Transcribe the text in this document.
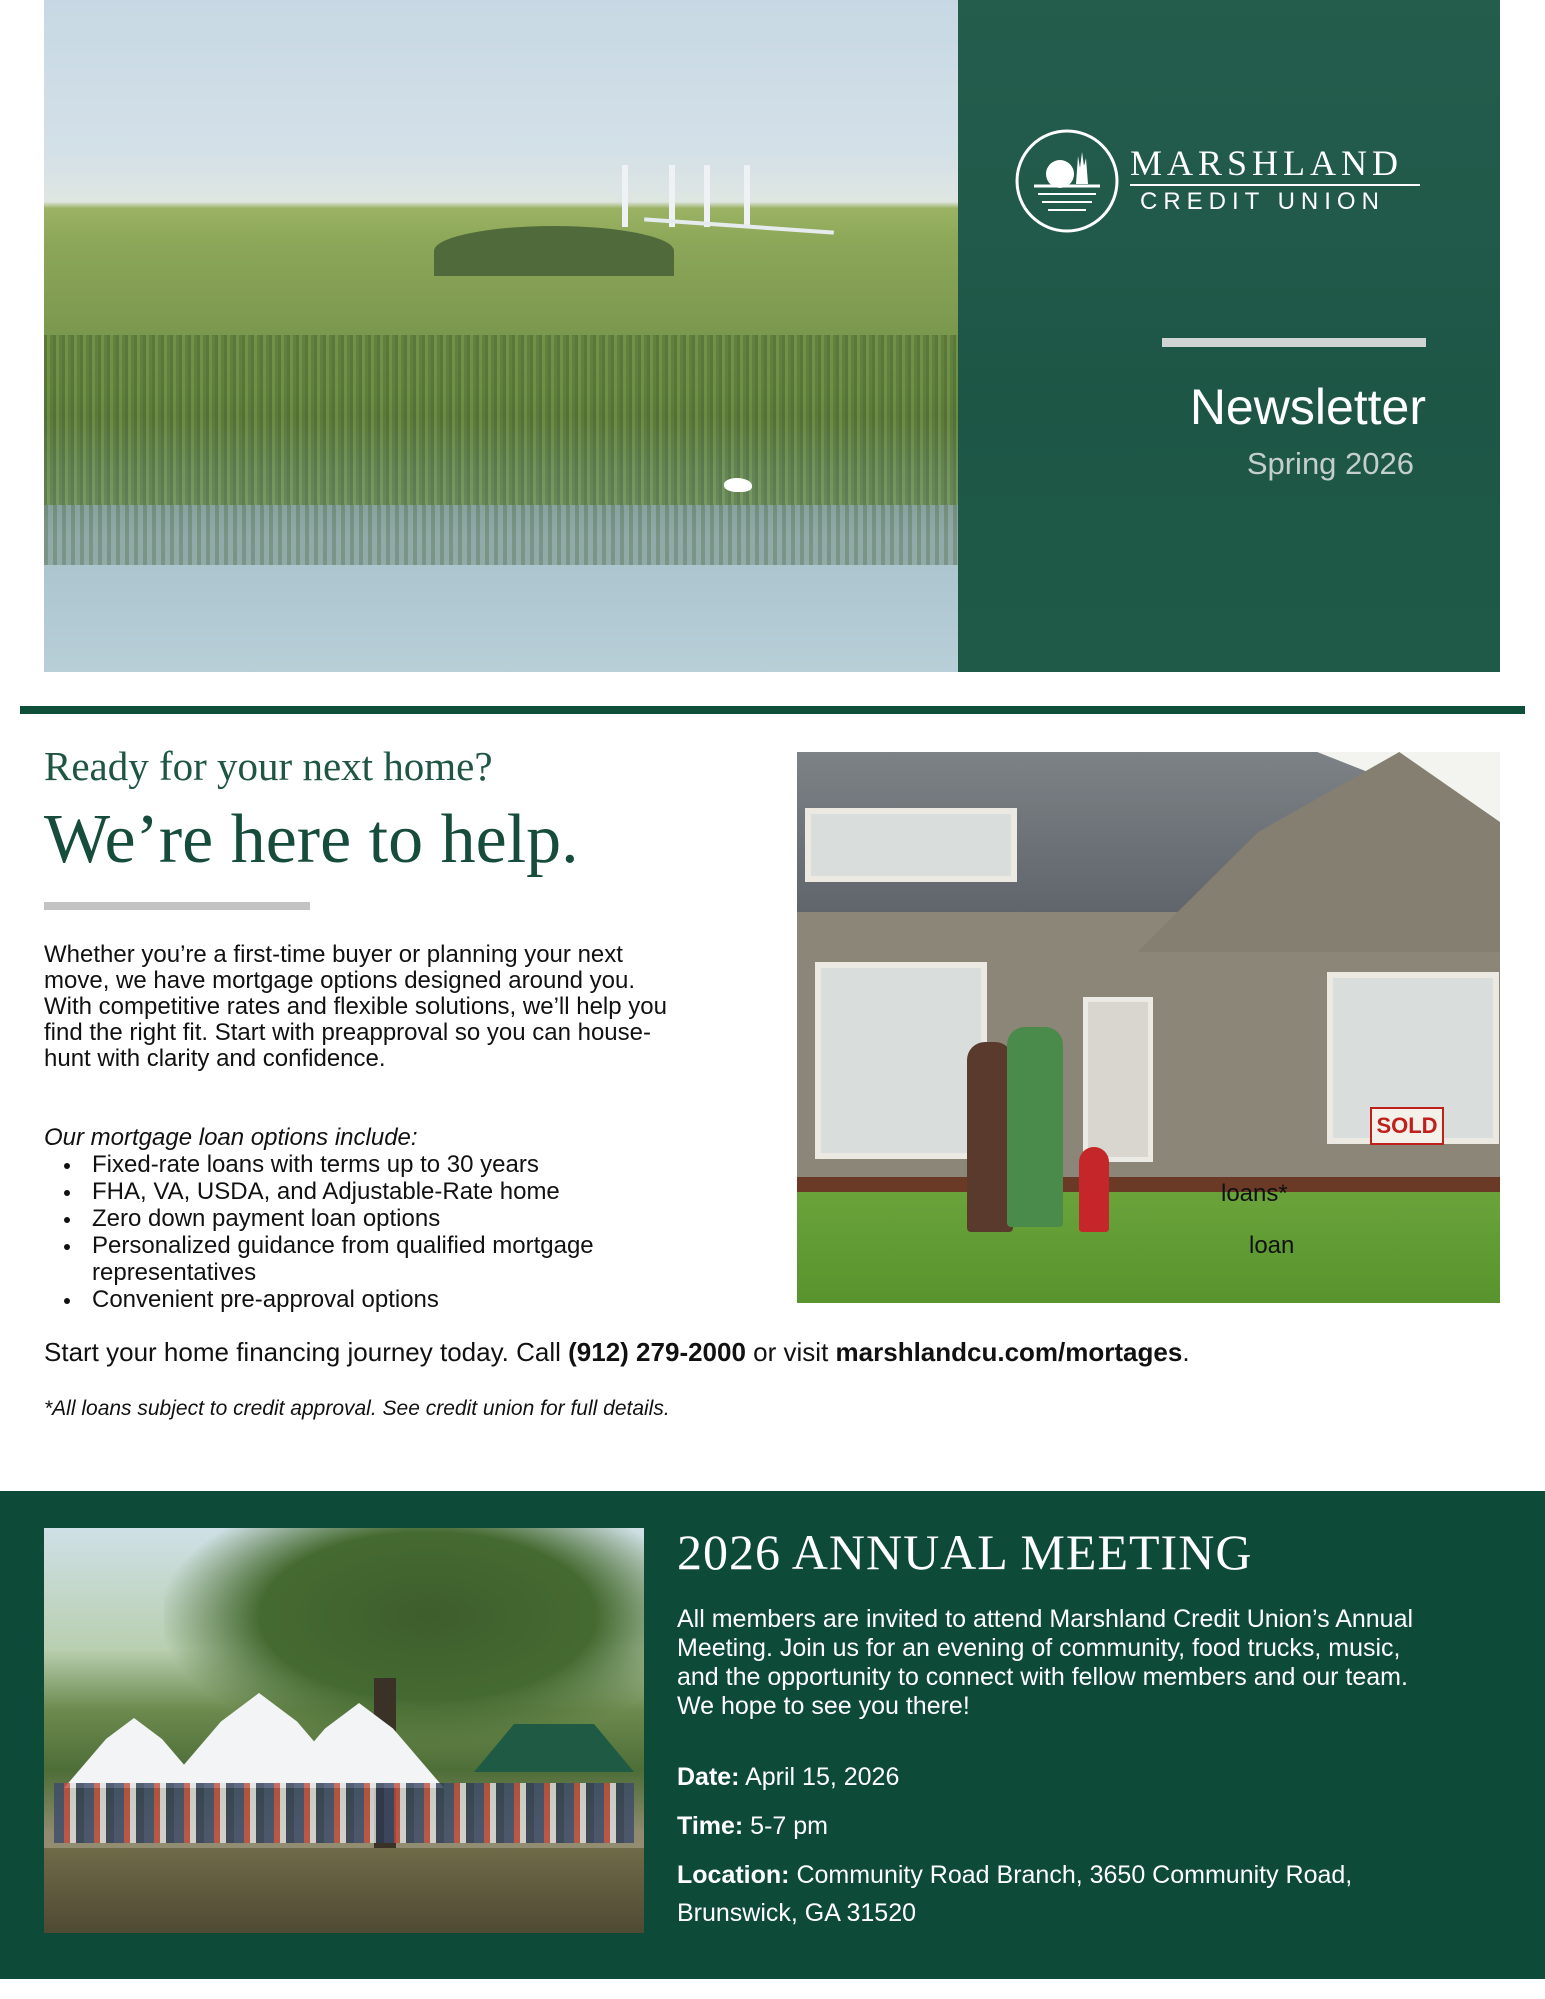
MARSHLAND
CREDIT UNION
Newsletter
Spring 2026
Ready for your next home?
We’re here to help.
Whether you’re a first-time buyer or planning your next move, we have mortgage options designed around you. With competitive rates and flexible solutions, we’ll help you find the right fit. Start with preapproval so you can house-hunt with clarity and confidence.
Our mortgage loan options include:
Fixed-rate loans with terms up to 30 years
FHA, VA, USDA, and Adjustable-Rate home
Zero down payment loan options
Personalized guidance from qualified mortgage representatives
Convenient pre-approval options
Start your home financing journey today. Call (912) 279-2000 or visit marshlandcu.com/mortages.
*All loans subject to credit approval. See credit union for full details.
SOLD
loans*
loan
2026 ANNUAL MEETING
All members are invited to attend Marshland Credit Union’s Annual Meeting. Join us for an evening of community, food trucks, music, and the opportunity to connect with fellow members and our team. We hope to see you there!
Date: April 15, 2026
Time: 5-7 pm
Location: Community Road Branch, 3650 Community Road,
Brunswick, GA 31520
